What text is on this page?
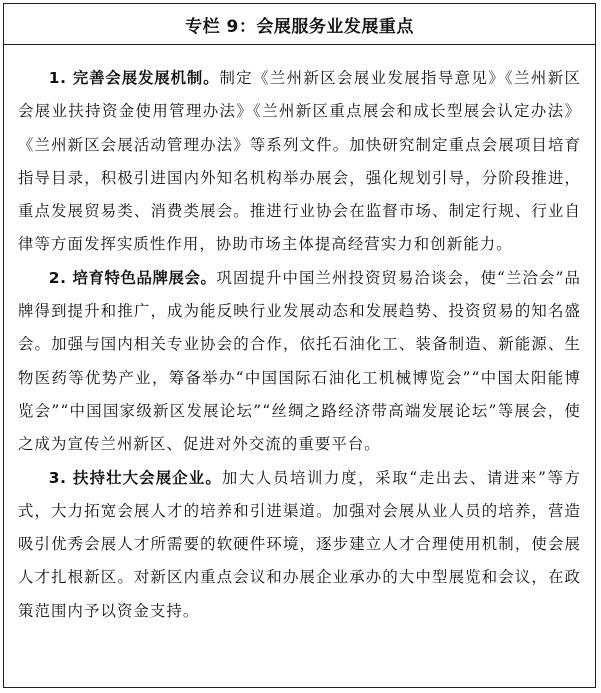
专栏 9：会展服务业发展重点

1. 完善会展发展机制。制定《兰州新区会展业发展指导意见》《兰州新区会展业扶持资金使用管理办法》《兰州新区重点展会和成长型展会认定办法》《兰州新区会展活动管理办法》等系列文件。加快研究制定重点会展项目培育指导目录，积极引进国内外知名机构举办展会，强化规划引导，分阶段推进，重点发展贸易类、消费类展会。推进行业协会在监督市场、制定行规、行业自律等方面发挥实质性作用，协助市场主体提高经营实力和创新能力。

2. 培育特色品牌展会。巩固提升中国兰州投资贸易洽谈会，使“兰洽会”品牌得到提升和推广，成为能反映行业发展动态和发展趋势、投资贸易的知名盛会。加强与国内相关专业协会的合作，依托石油化工、装备制造、新能源、生物医药等优势产业，筹备举办“中国国际石油化工机械博览会”“中国太阳能博览会”“中国国家级新区发展论坛”“丝绸之路经济带高端发展论坛”等展会，使之成为宣传兰州新区、促进对外交流的重要平台。

3. 扶持壮大会展企业。加大人员培训力度，采取“走出去、请进来”等方式，大力拓宽会展人才的培养和引进渠道。加强对会展从业人员的培养，营造吸引优秀会展人才所需要的软硬件环境，逐步建立人才合理使用机制，使会展人才扎根新区。对新区内重点会议和办展企业承办的大中型展览和会议，在政策范围内予以资金支持。
